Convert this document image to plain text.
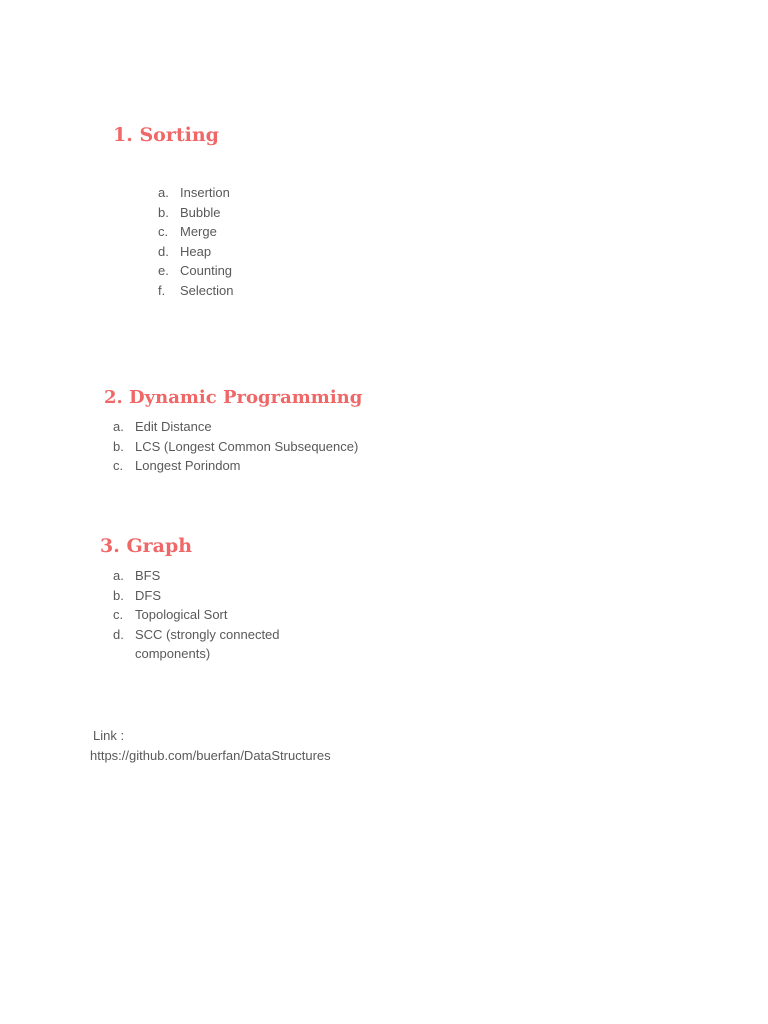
1. Sorting
a. Insertion
b. Bubble
c. Merge
d. Heap
e. Counting
f. Selection
2. Dynamic Programming
a. Edit Distance
b. LCS (Longest Common Subsequence)
c. Longest Porindom
3. Graph
a. BFS
b. DFS
c. Topological Sort
d. SCC (strongly connected components)
Link :
https://github.com/buerfan/DataStructures
